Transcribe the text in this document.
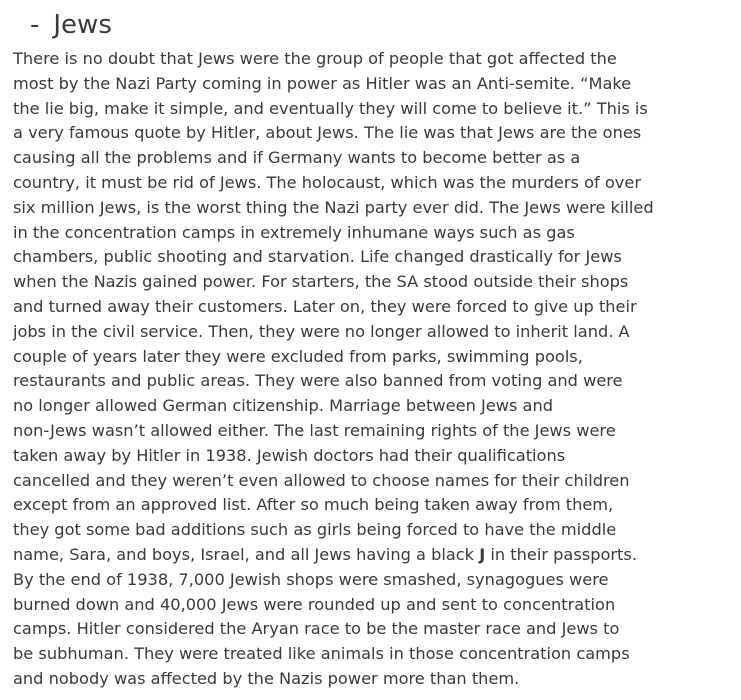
- Jews

There is no doubt that Jews were the group of people that got affected the
most by the Nazi Party coming in power as Hitler was an Anti-semite. “Make
the lie big, make it simple, and eventually they will come to believe it.” This is
a very famous quote by Hitler, about Jews. The lie was that Jews are the ones
causing all the problems and if Germany wants to become better as a
country, it must be rid of Jews. The holocaust, which was the murders of over
six million Jews, is the worst thing the Nazi party ever did. The Jews were killed
in the concentration camps in extremely inhumane ways such as gas
chambers, public shooting and starvation. Life changed drastically for Jews
when the Nazis gained power. For starters, the SA stood outside their shops
and turned away their customers. Later on, they were forced to give up their
jobs in the civil service. Then, they were no longer allowed to inherit land. A
couple of years later they were excluded from parks, swimming pools,
restaurants and public areas. They were also banned from voting and were
no longer allowed German citizenship. Marriage between Jews and
non-Jews wasn’t allowed either. The last remaining rights of the Jews were
taken away by Hitler in 1938. Jewish doctors had their qualifications
cancelled and they weren’t even allowed to choose names for their children
except from an approved list. After so much being taken away from them,
they got some bad additions such as girls being forced to have the middle
name, Sara, and boys, Israel, and all Jews having a black J in their passports.
By the end of 1938, 7,000 Jewish shops were smashed, synagogues were
burned down and 40,000 Jews were rounded up and sent to concentration
camps. Hitler considered the Aryan race to be the master race and Jews to
be subhuman. They were treated like animals in those concentration camps
and nobody was affected by the Nazis power more than them.
